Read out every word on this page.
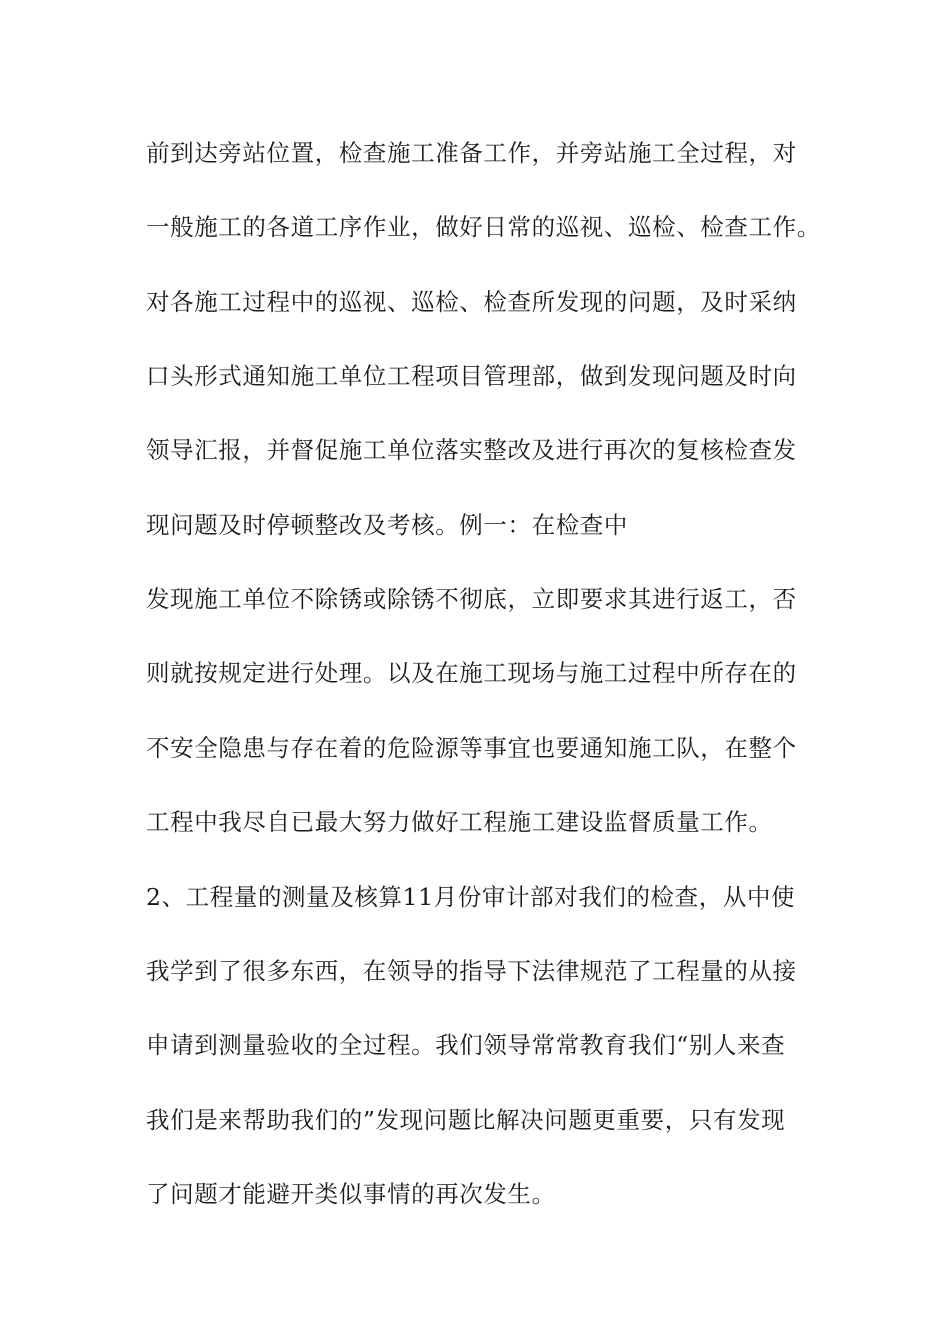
前到达旁站位置，检查施工准备工作，并旁站施工全过程，对
一般施工的各道工序作业，做好日常的巡视、巡检、检查工作。
对各施工过程中的巡视、巡检、检查所发现的问题，及时采纳
口头形式通知施工单位工程项目管理部，做到发现问题及时向
领导汇报，并督促施工单位落实整改及进行再次的复核检查发
现问题及时停顿整改及考核。例一：在检查中
发现施工单位不除锈或除锈不彻底，立即要求其进行返工，否
则就按规定进行处理。以及在施工现场与施工过程中所存在的
不安全隐患与存在着的危险源等事宜也要通知施工队，在整个
工程中我尽自已最大努力做好工程施工建设监督质量工作。
2、工程量的测量及核算11月份审计部对我们的检查，从中使
我学到了很多东西，在领导的指导下法律规范了工程量的从接
申请到测量验收的全过程。我们领导常常教育我们“别人来查
我们是来帮助我们的”发现问题比解决问题更重要，只有发现
了问题才能避开类似事情的再次发生。
